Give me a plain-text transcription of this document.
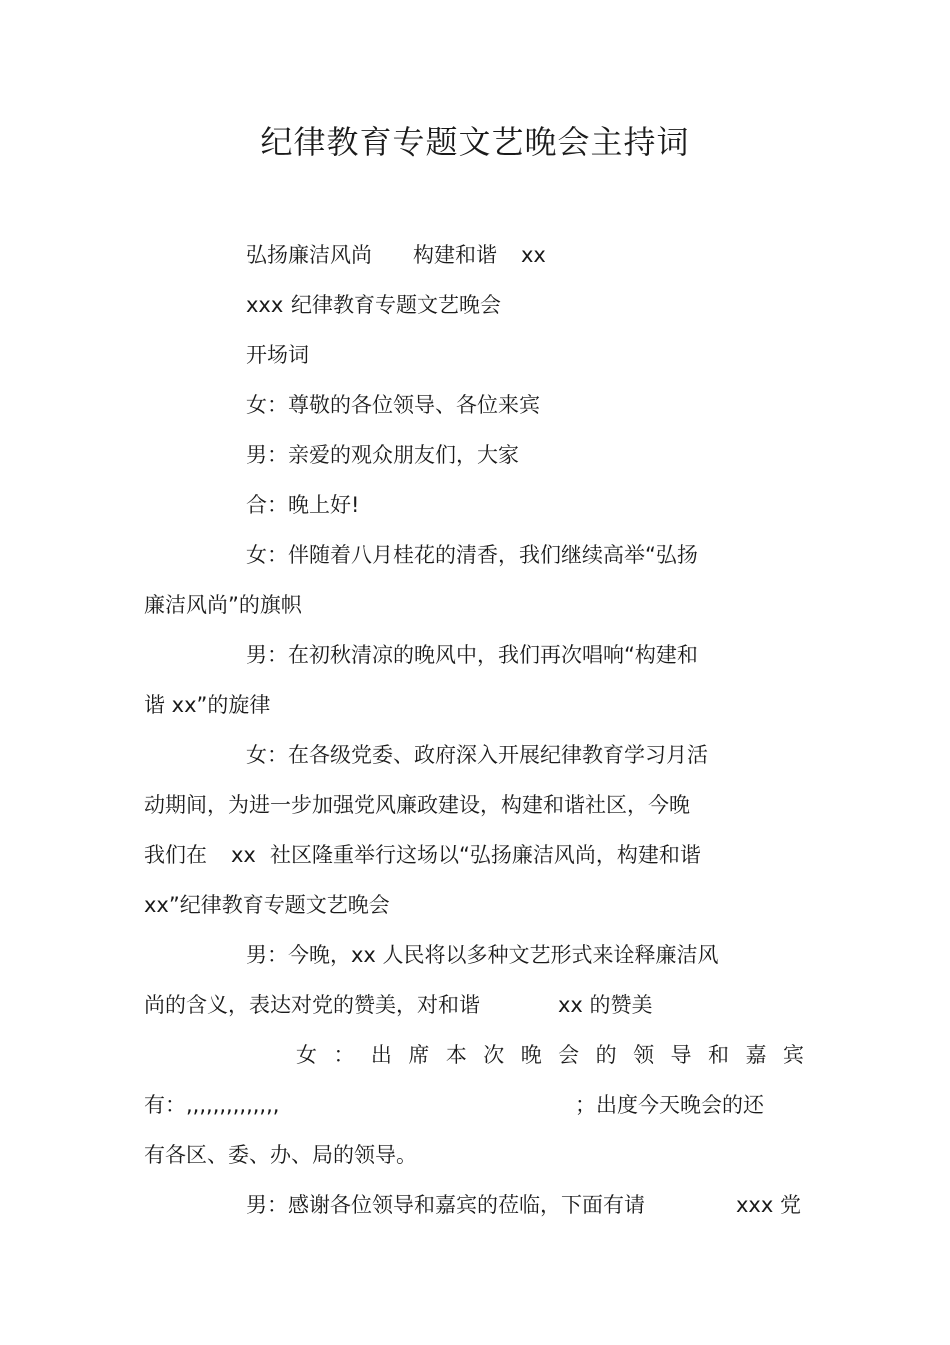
纪律教育专题文艺晚会主持词
弘扬廉洁风尚 构建和谐 xx
xxx 纪律教育专题文艺晚会
开场词
女：尊敬的各位领导、各位来宾
男：亲爱的观众朋友们，大家
合：晚上好!
女：伴随着八月桂花的清香，我们继续高举“弘扬
廉洁风尚”的旗帜
男：在初秋清凉的晚风中，我们再次唱响“构建和
谐 xx”的旋律
女：在各级党委、政府深入开展纪律教育学习月活
动期间，为进一步加强党风廉政建设，构建和谐社区，今晚
我们在 xx 社区隆重举行这场以“弘扬廉洁风尚，构建和谐
xx”纪律教育专题文艺晚会
男：今晚，xx 人民将以多种文艺形式来诠释廉洁风
尚的含义，表达对党的赞美，对和谐	xx 的赞美
女 ： 出 席 本 次 晚 会 的 领 导 和 嘉 宾
有：,,,,,,,,,,,,,,	；出度今天晚会的还
有各区、委、办、局的领导。
男：感谢各位领导和嘉宾的莅临，下面有请	xxx 党
